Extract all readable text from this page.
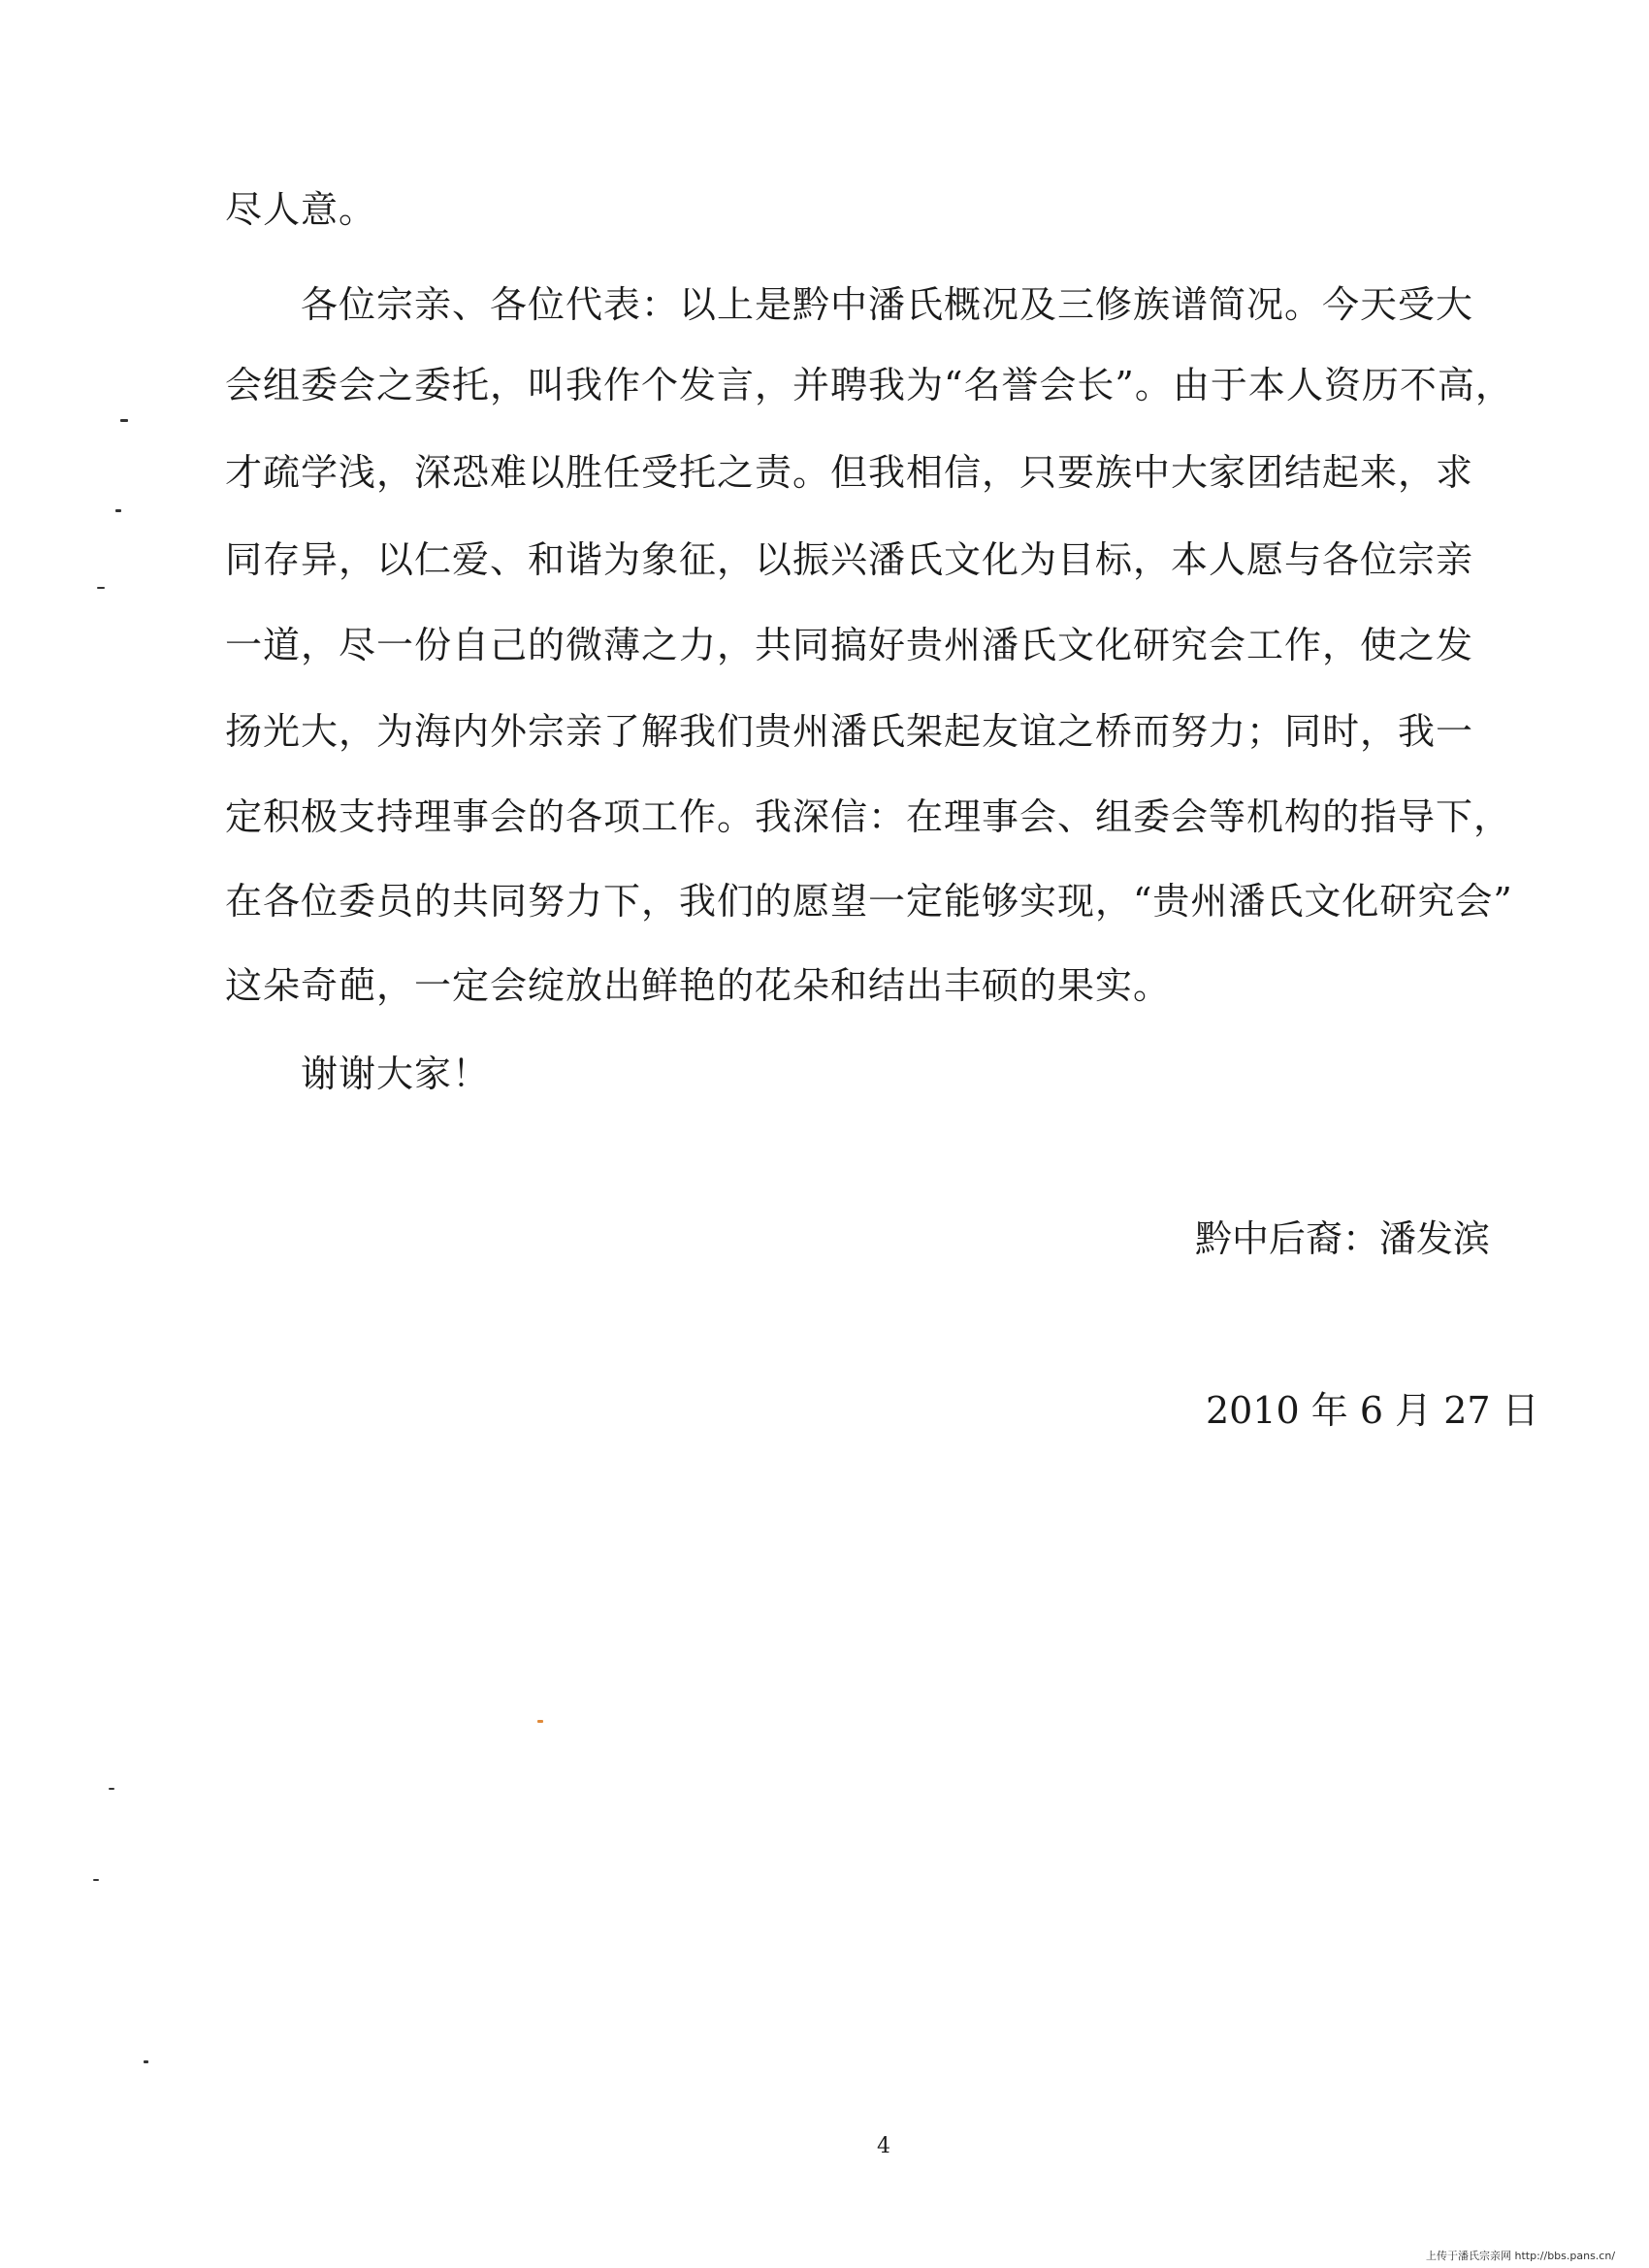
尽人意。
　　各位宗亲、各位代表：以上是黔中潘氏概况及三修族谱简况。今天受大
会组委会之委托，叫我作个发言，并聘我为“名誉会长”。由于本人资历不高，
才疏学浅，深恐难以胜任受托之责。但我相信，只要族中大家团结起来，求
同存异，以仁爱、和谐为象征，以振兴潘氏文化为目标，本人愿与各位宗亲
一道，尽一份自己的微薄之力，共同搞好贵州潘氏文化研究会工作，使之发
扬光大，为海内外宗亲了解我们贵州潘氏架起友谊之桥而努力；同时，我一
定积极支持理事会的各项工作。我深信：在理事会、组委会等机构的指导下，
在各位委员的共同努力下，我们的愿望一定能够实现，“贵州潘氏文化研究会”
这朵奇葩，一定会绽放出鲜艳的花朵和结出丰硕的果实。
　　谢谢大家！
黔中后裔：潘发滨
2010 年 6 月 27 日
4
上传于潘氏宗亲网 http://bbs.pans.cn/
